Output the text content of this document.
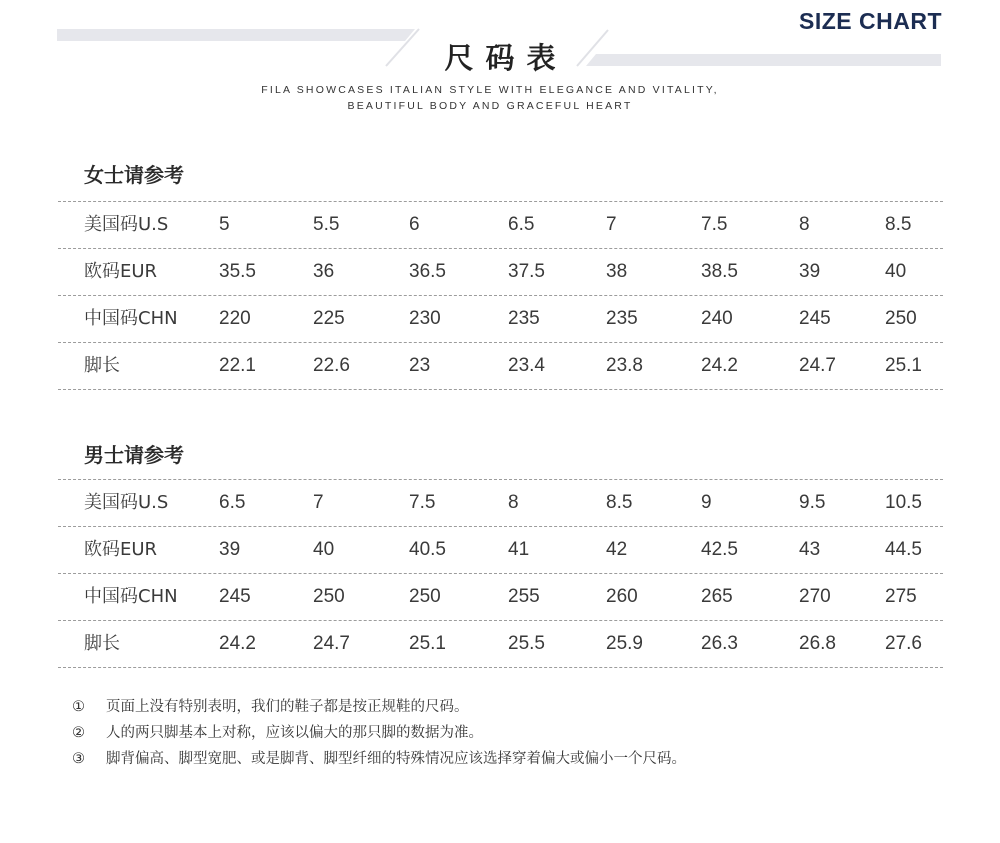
SIZE CHART
尺码表
FILA SHOWCASES ITALIAN STYLE WITH ELEGANCE AND VITALITY,
BEAUTIFUL BODY AND GRACEFUL HEART
女士请参考
美国码U.S	5	5.5	6	6.5	7	7.5	8	8.5
欧码EUR	35.5	36	36.5	37.5	38	38.5	39	40
中国码CHN 220	225	230	235	235	240	245	250
脚长	22.1	22.6	23	23.4	23.8	24.2	24.7	25.1
男士请参考
美国码U.S	6.5	7	7.5	8	8.5	9	9.5	10.5
欧码EUR	39	40	40.5	41	42	42.5	43	44.5
中国码CHN 245	250	250	255	260	265	270	275
脚长	24.2	24.7	25.1	25.5	25.9	26.3	26.8	27.6
① 页面上没有特别表明，我们的鞋子都是按正规鞋的尺码。
② 人的两只脚基本上对称，应该以偏大的那只脚的数据为准。
③ 脚背偏高、脚型宽肥、或是脚背、脚型纤细的特殊情况应该选择穿着偏大或偏小一个尺码。
